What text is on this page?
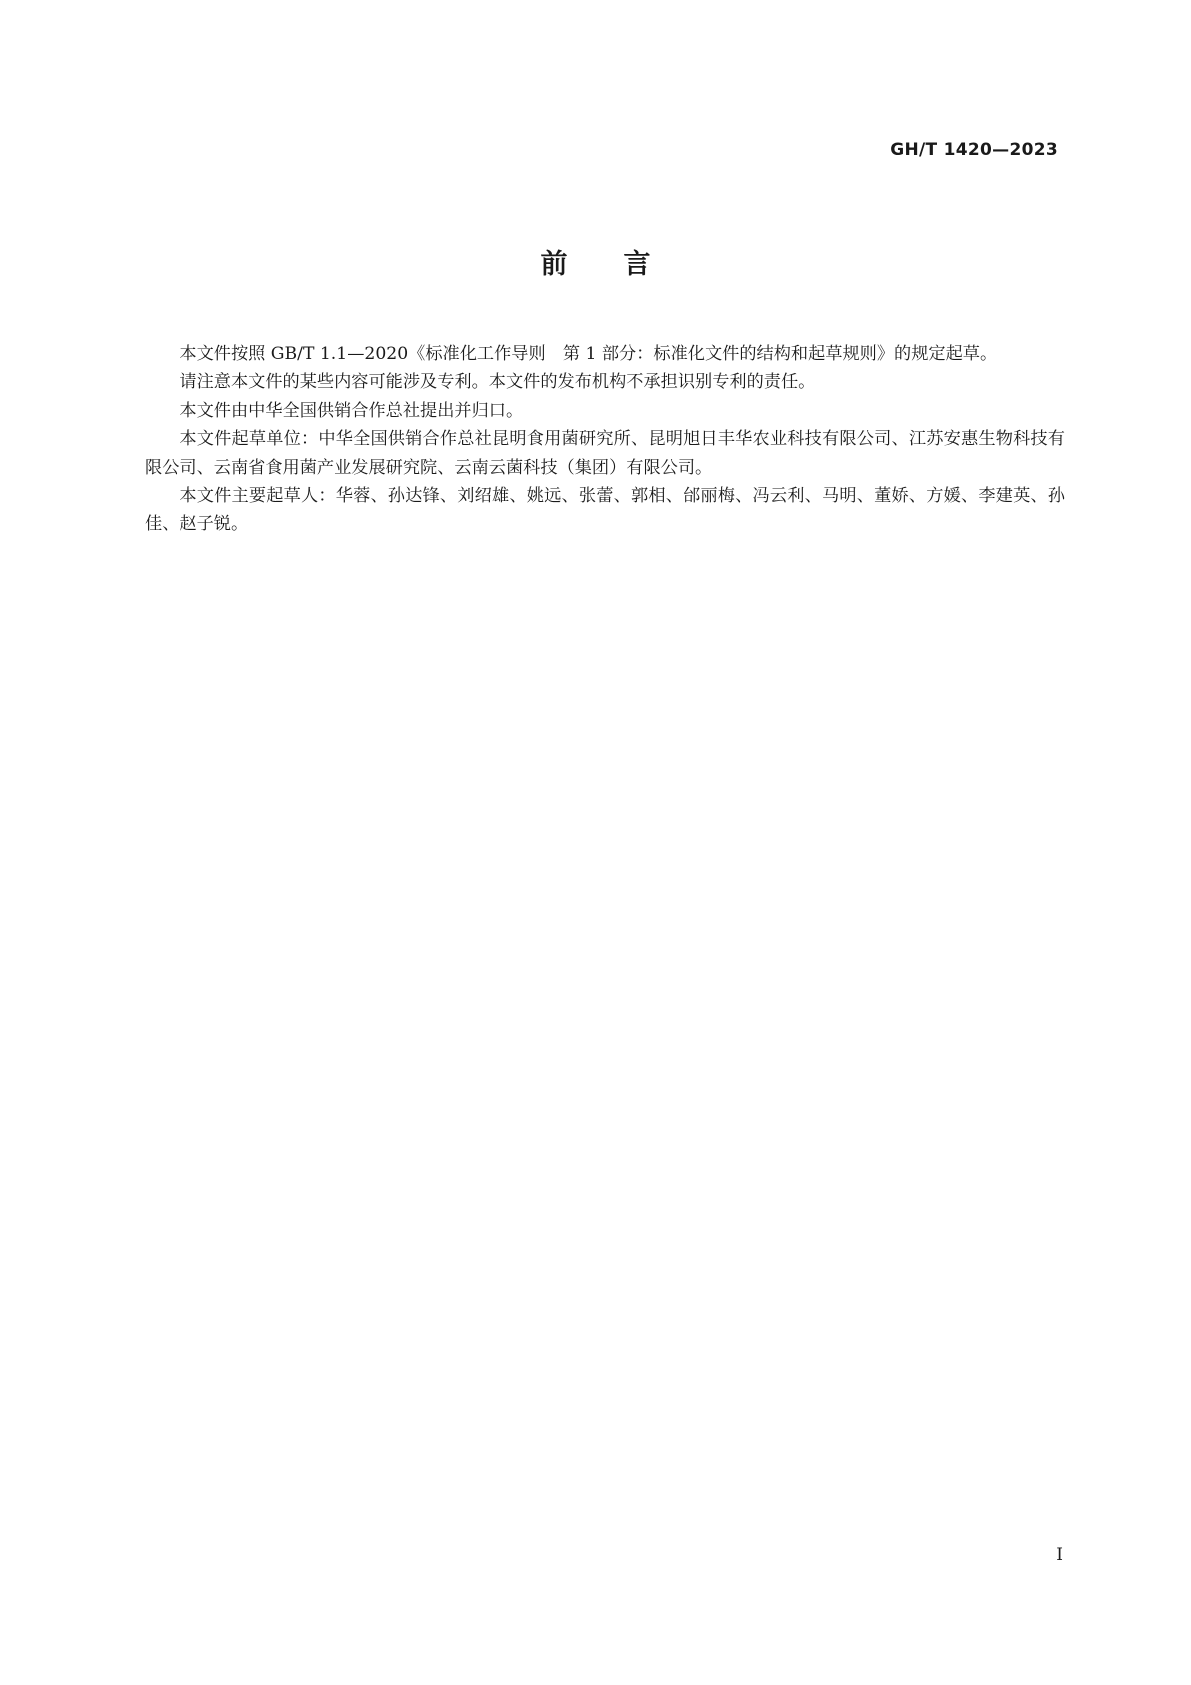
GH/T 1420—2023
前言

本文件按照 GB/T 1.1—2020《标准化工作导则　第 1 部分：标准化文件的结构和起草规则》的规定起草。

请注意本文件的某些内容可能涉及专利。本文件的发布机构不承担识别专利的责任。

本文件由中华全国供销合作总社提出并归口。

本文件起草单位：中华全国供销合作总社昆明食用菌研究所、昆明旭日丰华农业科技有限公司、江苏安惠生物科技有限公司、云南省食用菌产业发展研究院、云南云菌科技（集团）有限公司。

本文件主要起草人：华蓉、孙达锋、刘绍雄、姚远、张蕾、郭相、邰丽梅、冯云利、马明、董娇、方媛、李建英、孙佳、赵子锐。

I
